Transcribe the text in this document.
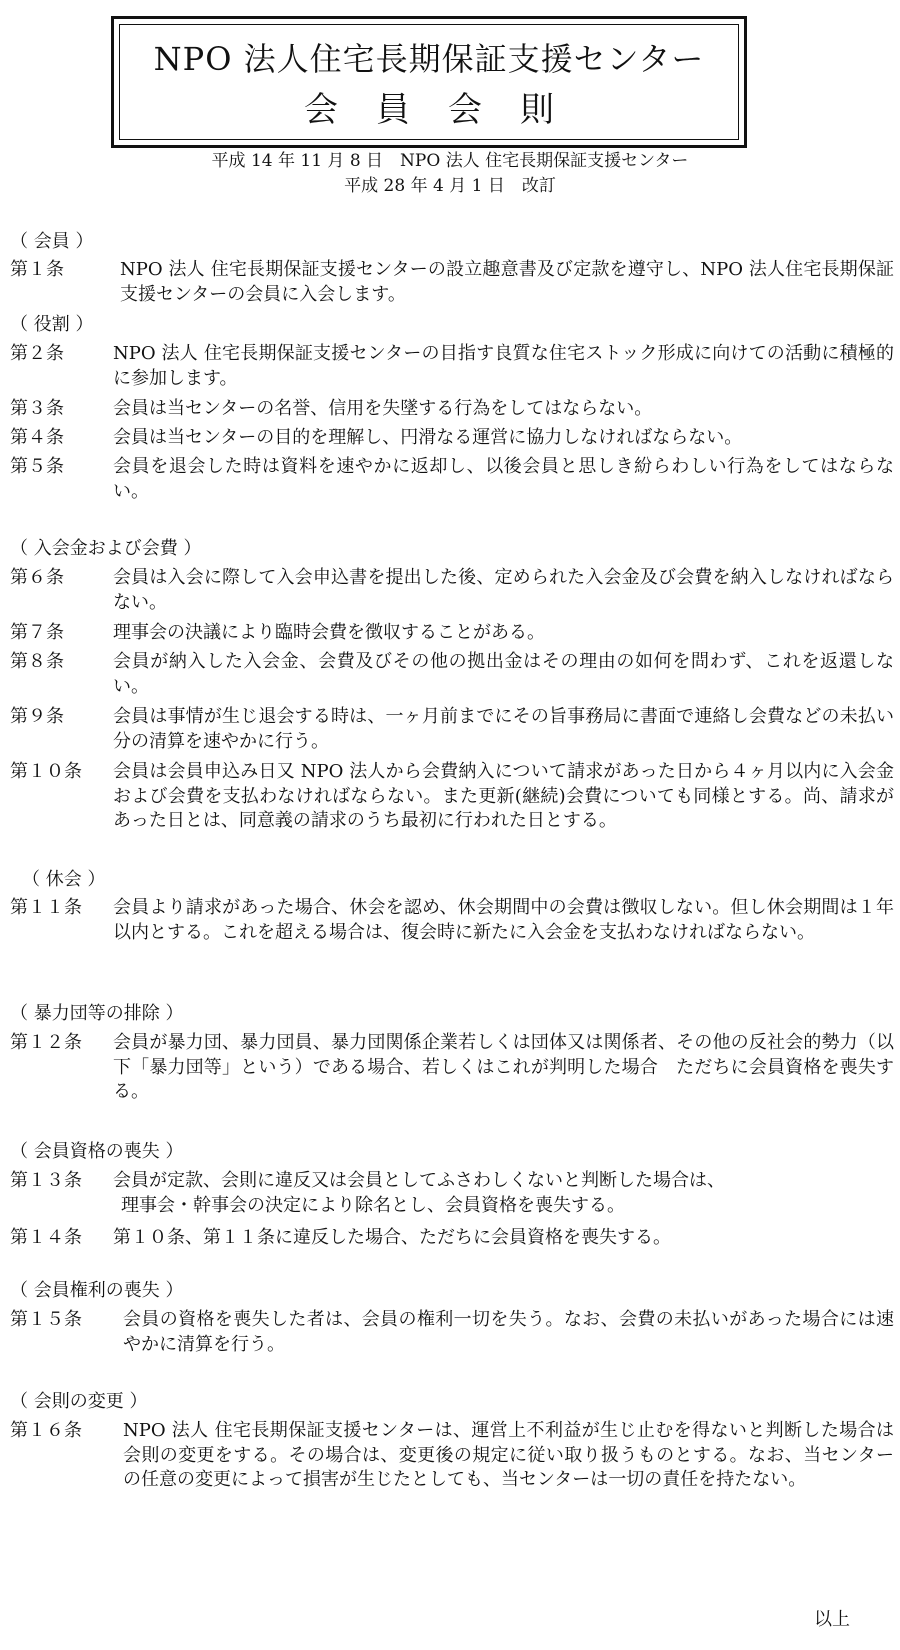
NPO 法人住宅長期保証支援センター
会員会則
平成 14 年 11 月 8 日　NPO 法人 住宅長期保証支援センター
平成 28 年 4 月 1 日　改訂
（ 会員 ）
第１条	NPO 法人 住宅長期保証支援センターの設立趣意書及び定款を遵守し、NPO 法人住宅長期保証支援センターの会員に入会します。
（ 役割 ）
第２条	NPO 法人 住宅長期保証支援センターの目指す良質な住宅ストック形成に向けての活動に積極的に参加します。
第３条	会員は当センターの名誉、信用を失墜する行為をしてはならない。
第４条	会員は当センターの目的を理解し、円滑なる運営に協力しなければならない。
第５条	会員を退会した時は資料を速やかに返却し、以後会員と思しき紛らわしい行為をしてはならない。
（ 入会金および会費 ）
第６条	会員は入会に際して入会申込書を提出した後、定められた入会金及び会費を納入しなければならない。
第７条	理事会の決議により臨時会費を徴収することがある。
第８条	会員が納入した入会金、会費及びその他の拠出金はその理由の如何を問わず、これを返還しない。
第９条	会員は事情が生じ退会する時は、一ヶ月前までにその旨事務局に書面で連絡し会費などの未払い分の清算を速やかに行う。
第１０条	会員は会員申込み日又 NPO 法人から会費納入について請求があった日から４ヶ月以内に入会金および会費を支払わなければならない。また更新(継続)会費についても同様とする。尚、請求があった日とは、同意義の請求のうち最初に行われた日とする。
（ 休会 ）
第１１条	会員より請求があった場合、休会を認め、休会期間中の会費は徴収しない。但し休会期間は１年以内とする。これを超える場合は、復会時に新たに入会金を支払わなければならない。
（ 暴力団等の排除 ）
第１２条	会員が暴力団、暴力団員、暴力団関係企業若しくは団体又は関係者、その他の反社会的勢力（以下「暴力団等」という）である場合、若しくはこれが判明した場合　ただちに会員資格を喪失する。
（ 会員資格の喪失 ）
第１３条	会員が定款、会則に違反又は会員としてふさわしくないと判断した場合は、
理事会・幹事会の決定により除名とし、会員資格を喪失する。
第１４条	第１０条、第１１条に違反した場合、ただちに会員資格を喪失する。
（ 会員権利の喪失 ）
第１５条	会員の資格を喪失した者は、会員の権利一切を失う。なお、会費の未払いがあった場合には速やかに清算を行う。
（ 会則の変更 ）
第１６条	NPO 法人 住宅長期保証支援センターは、運営上不利益が生じ止むを得ないと判断した場合は会則の変更をする。その場合は、変更後の規定に従い取り扱うものとする。なお、当センターの任意の変更によって損害が生じたとしても、当センターは一切の責任を持たない。
以上
